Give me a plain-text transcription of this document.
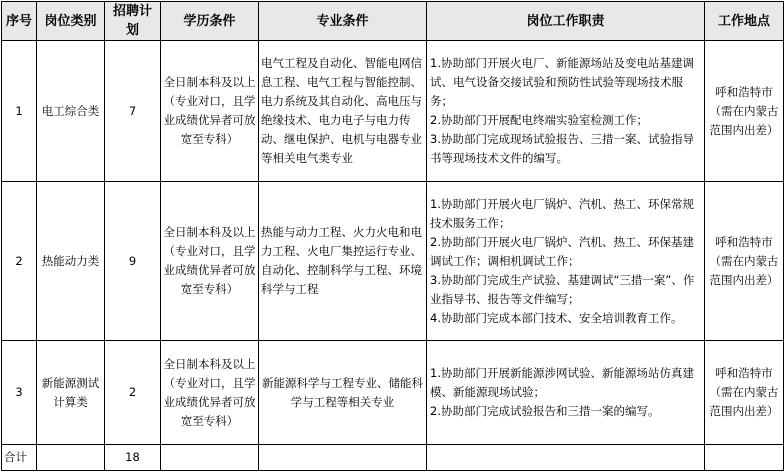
序号	岗位类别	招聘计划	学历条件	专业条件	岗位工作职责	工作地点
1	电工综合类	7	全日制本科及以上（专业对口，且学业成绩优异者可放宽至专科）	电气工程及自动化、智能电网信息工程、电气工程与智能控制、电力系统及其自动化、高电压与绝缘技术、电力电子与电力传动、继电保护、电机与电器专业等相关电气类专业	1.协助部门开展火电厂、新能源场站及变电站基建调试、电气设备交接试验和预防性试验等现场技术服务；
2.协助部门开展配电终端实验室检测工作；
3.协助部门完成现场试验报告、三措一案、试验指导书等现场技术文件的编写。	呼和浩特市（需在内蒙古范围内出差）
2	热能动力类	9	全日制本科及以上（专业对口，且学业成绩优异者可放宽至专科）	热能与动力工程、火力火电和电力工程、火电厂集控运行专业、自动化、控制科学与工程、环境科学与工程	1.协助部门开展火电厂锅炉、汽机、热工、环保常规技术服务工作；
2.协助部门开展火电厂锅炉、汽机、热工、环保基建调试工作；调相机调试工作；
3.协助部门完成生产试验、基建调试“三措一案”、作业指导书、报告等文件编写；
4.协助部门完成本部门技术、安全培训教育工作。	呼和浩特市（需在内蒙古范围内出差）
3	新能源测试计算类	2	全日制本科及以上（专业对口，且学业成绩优异者可放宽至专科）	新能源科学与工程专业、储能科学与工程等相关专业	1.协助部门开展新能源涉网试验、新能源场站仿真建模、新能源现场试验；
2.协助部门完成试验报告和三措一案的编写。	呼和浩特市（需在内蒙古范围内出差）
合计		18				
